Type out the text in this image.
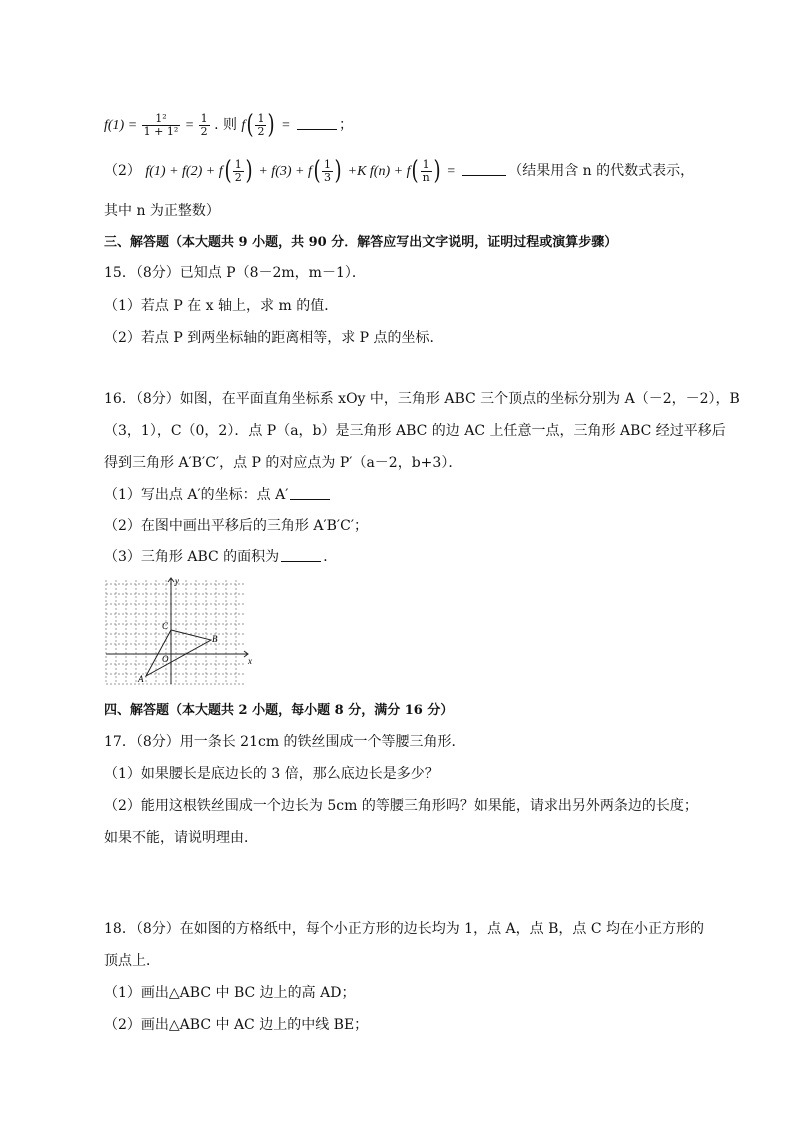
$f(1) = \frac{\text{1²}}{\text{1 + 1²}} = \frac{1}{2}$ . 则 $f( \frac{1}{2}$ ) =	；
（2） $f(1) + f(2) + f( \frac{1}{2}$ ) + $f(3) + f( \frac{1}{3}$ ) +K $f(n) + f( \frac{1}{n}$ ) =	（结果用含 n 的代数式表示，
其中 n 为正整数）
三、解答题（本大题共 9 小题，共 90 分．解答应写出文字说明，证明过程或演算步骤）
15．（8分）已知点 P（8－2m，m－1）．
（1）若点 P 在 x 轴上，求 m 的值．
（2）若点 P 到两坐标轴的距离相等，求 P 点的坐标．
16．（8分）如图，在平面直角坐标系 xOy 中，三角形 ABC 三个顶点的坐标分别为 A（－2，－2），B
（3，1），C（0，2）．点 P（a，b）是三角形 ABC 的边 AC 上任意一点，三角形 ABC 经过平移后
得到三角形 A′B′C′，点 P 的对应点为 P′（a－2，b+3）．
（1）写出点 A′的坐标：点 A′
（2）在图中画出平移后的三角形 A′B′C′；
（3）三角形 ABC 的面积为	．
x
y
A
B
C
O
四、解答题（本大题共 2 小题，每小题 8 分，满分 16 分）
17．（8分）用一条长 21cm 的铁丝围成一个等腰三角形．
（1）如果腰长是底边长的 3 倍，那么底边长是多少？
（2）能用这根铁丝围成一个边长为 5cm 的等腰三角形吗？如果能，请求出另外两条边的长度；
如果不能，请说明理由．
18．（8分）在如图的方格纸中，每个小正方形的边长均为 1，点 A，点 B，点 C 均在小正方形的
顶点上．
（1）画出△ABC 中 BC 边上的高 AD；
（2）画出△ABC 中 AC 边上的中线 BE；
